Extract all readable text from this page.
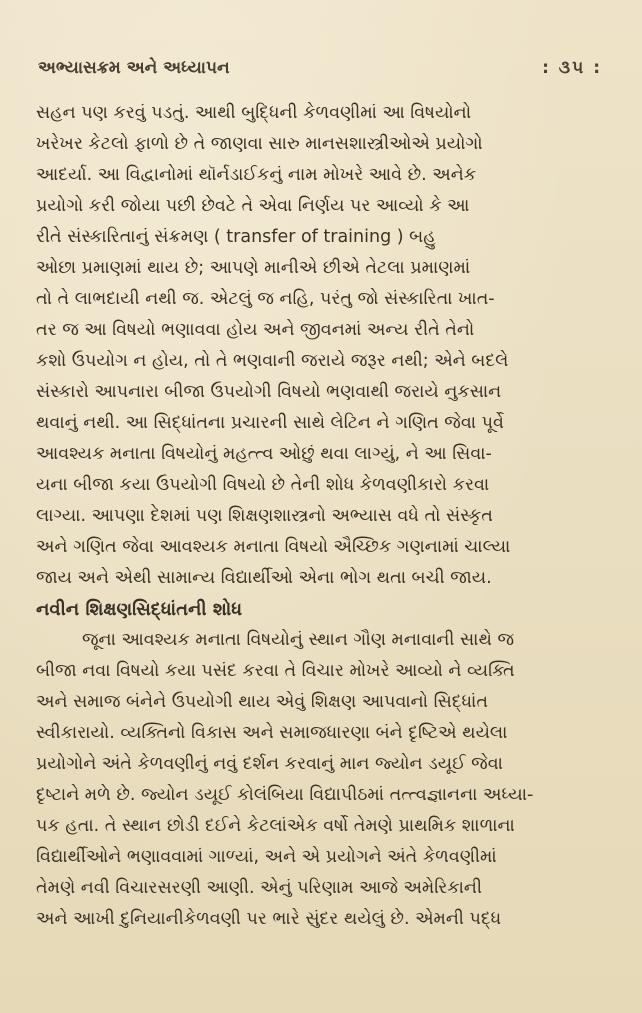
અભ્યાસક્રમ અને અધ્યાપન	: ૩૫ :
સહન પણ કરવું પડતું. આથી બુદ્ધિની કેળવણીમાં આ વિષયોનો
ખરેખર કેટલો ફાળો છે તે જાણવા સારુ માનસશાસ્ત્રીઓએ પ્રયોગો
આદર્યા. આ વિદ્વાનોમાં થૉર્નડાઈકનું નામ મોખરે આવે છે. અનેક
પ્રયોગો કરી જોયા પછી છેવટે તે એવા નિર્ણય પર આવ્યો કે આ
રીતે સંસ્કારિતાનું સંક્રમણ ( transfer of training ) બહુ
ઓછા પ્રમાણમાં થાય છે; આપણે માનીએ છીએ તેટલા પ્રમાણમાં
તો તે લાભદાયી નથી જ. એટલું જ નહિ, પરંતુ જો સંસ્કારિતા ખાત-
તર જ આ વિષયો ભણાવવા હોય અને જીવનમાં અન્ય રીતે તેનો
કશો ઉપયોગ ન હોય, તો તે ભણવાની જરાયે જરૂર નથી; એને બદલે
સંસ્કારો આપનારા બીજા ઉપયોગી વિષયો ભણવાથી જરાયે નુકસાન
થવાનું નથી. આ સિદ્ધાંતના પ્રચારની સાથે લેટિન ને ગણિત જેવા પૂર્વે
આવશ્યક મનાતા વિષયોનું મહત્ત્વ ઓછું થવા લાગ્યું, ને આ સિવા-
યના બીજા કયા ઉપયોગી વિષયો છે તેની શોધ કેળવણીકારો કરવા
લાગ્યા. આપણા દેશમાં પણ શિક્ષણશાસ્ત્રનો અભ્યાસ વધે તો સંસ્કૃત
અને ગણિત જેવા આવશ્યક મનાતા વિષયો ઐચ્છિક ગણનામાં ચાલ્યા
જાય અને એથી સામાન્ય વિદ્યાર્થીઓ એના ભોગ થતા બચી જાય.
નવીન શિક્ષણસિદ્ધાંતની શોધ
જૂના આવશ્યક મનાતા વિષયોનું સ્થાન ગૌણ મનાવાની સાથે જ
બીજા નવા વિષયો કયા પસંદ કરવા તે વિચાર મોખરે આવ્યો ને વ્યક્તિ
અને સમાજ બંનેને ઉપયોગી થાય એવું શિક્ષણ આપવાનો સિદ્ધાંત
સ્વીકારાયો. વ્યક્તિનો વિકાસ અને સમાજધારણા બંને દૃષ્ટિએ થયેલા
પ્રયોગોને અંતે કેળવણીનું નવું દર્શન કરવાનું માન જ્યોન ડયૂઈ જેવા
દૃષ્ટાને મળે છે. જ્યોન ડયૂઈ કોલંબિયા વિદ્યાપીઠમાં તત્ત્વજ્ઞાનના અધ્યા-
પક હતા. તે સ્થાન છોડી દઈને કેટલાંએક વર્ષો તેમણે પ્રાથમિક શાળાના
વિદ્યાર્થીઓને ભણાવવામાં ગાળ્યાં, અને એ પ્રયોગને અંતે કેળવણીમાં
તેમણે નવી વિચારસરણી આણી. એનું પરિણામ આજે અમેરિકાની
અને આખી દુનિયાનીકેળવણી પર ભારે સુંદર થયેલું છે. એમની પદ્ધ
